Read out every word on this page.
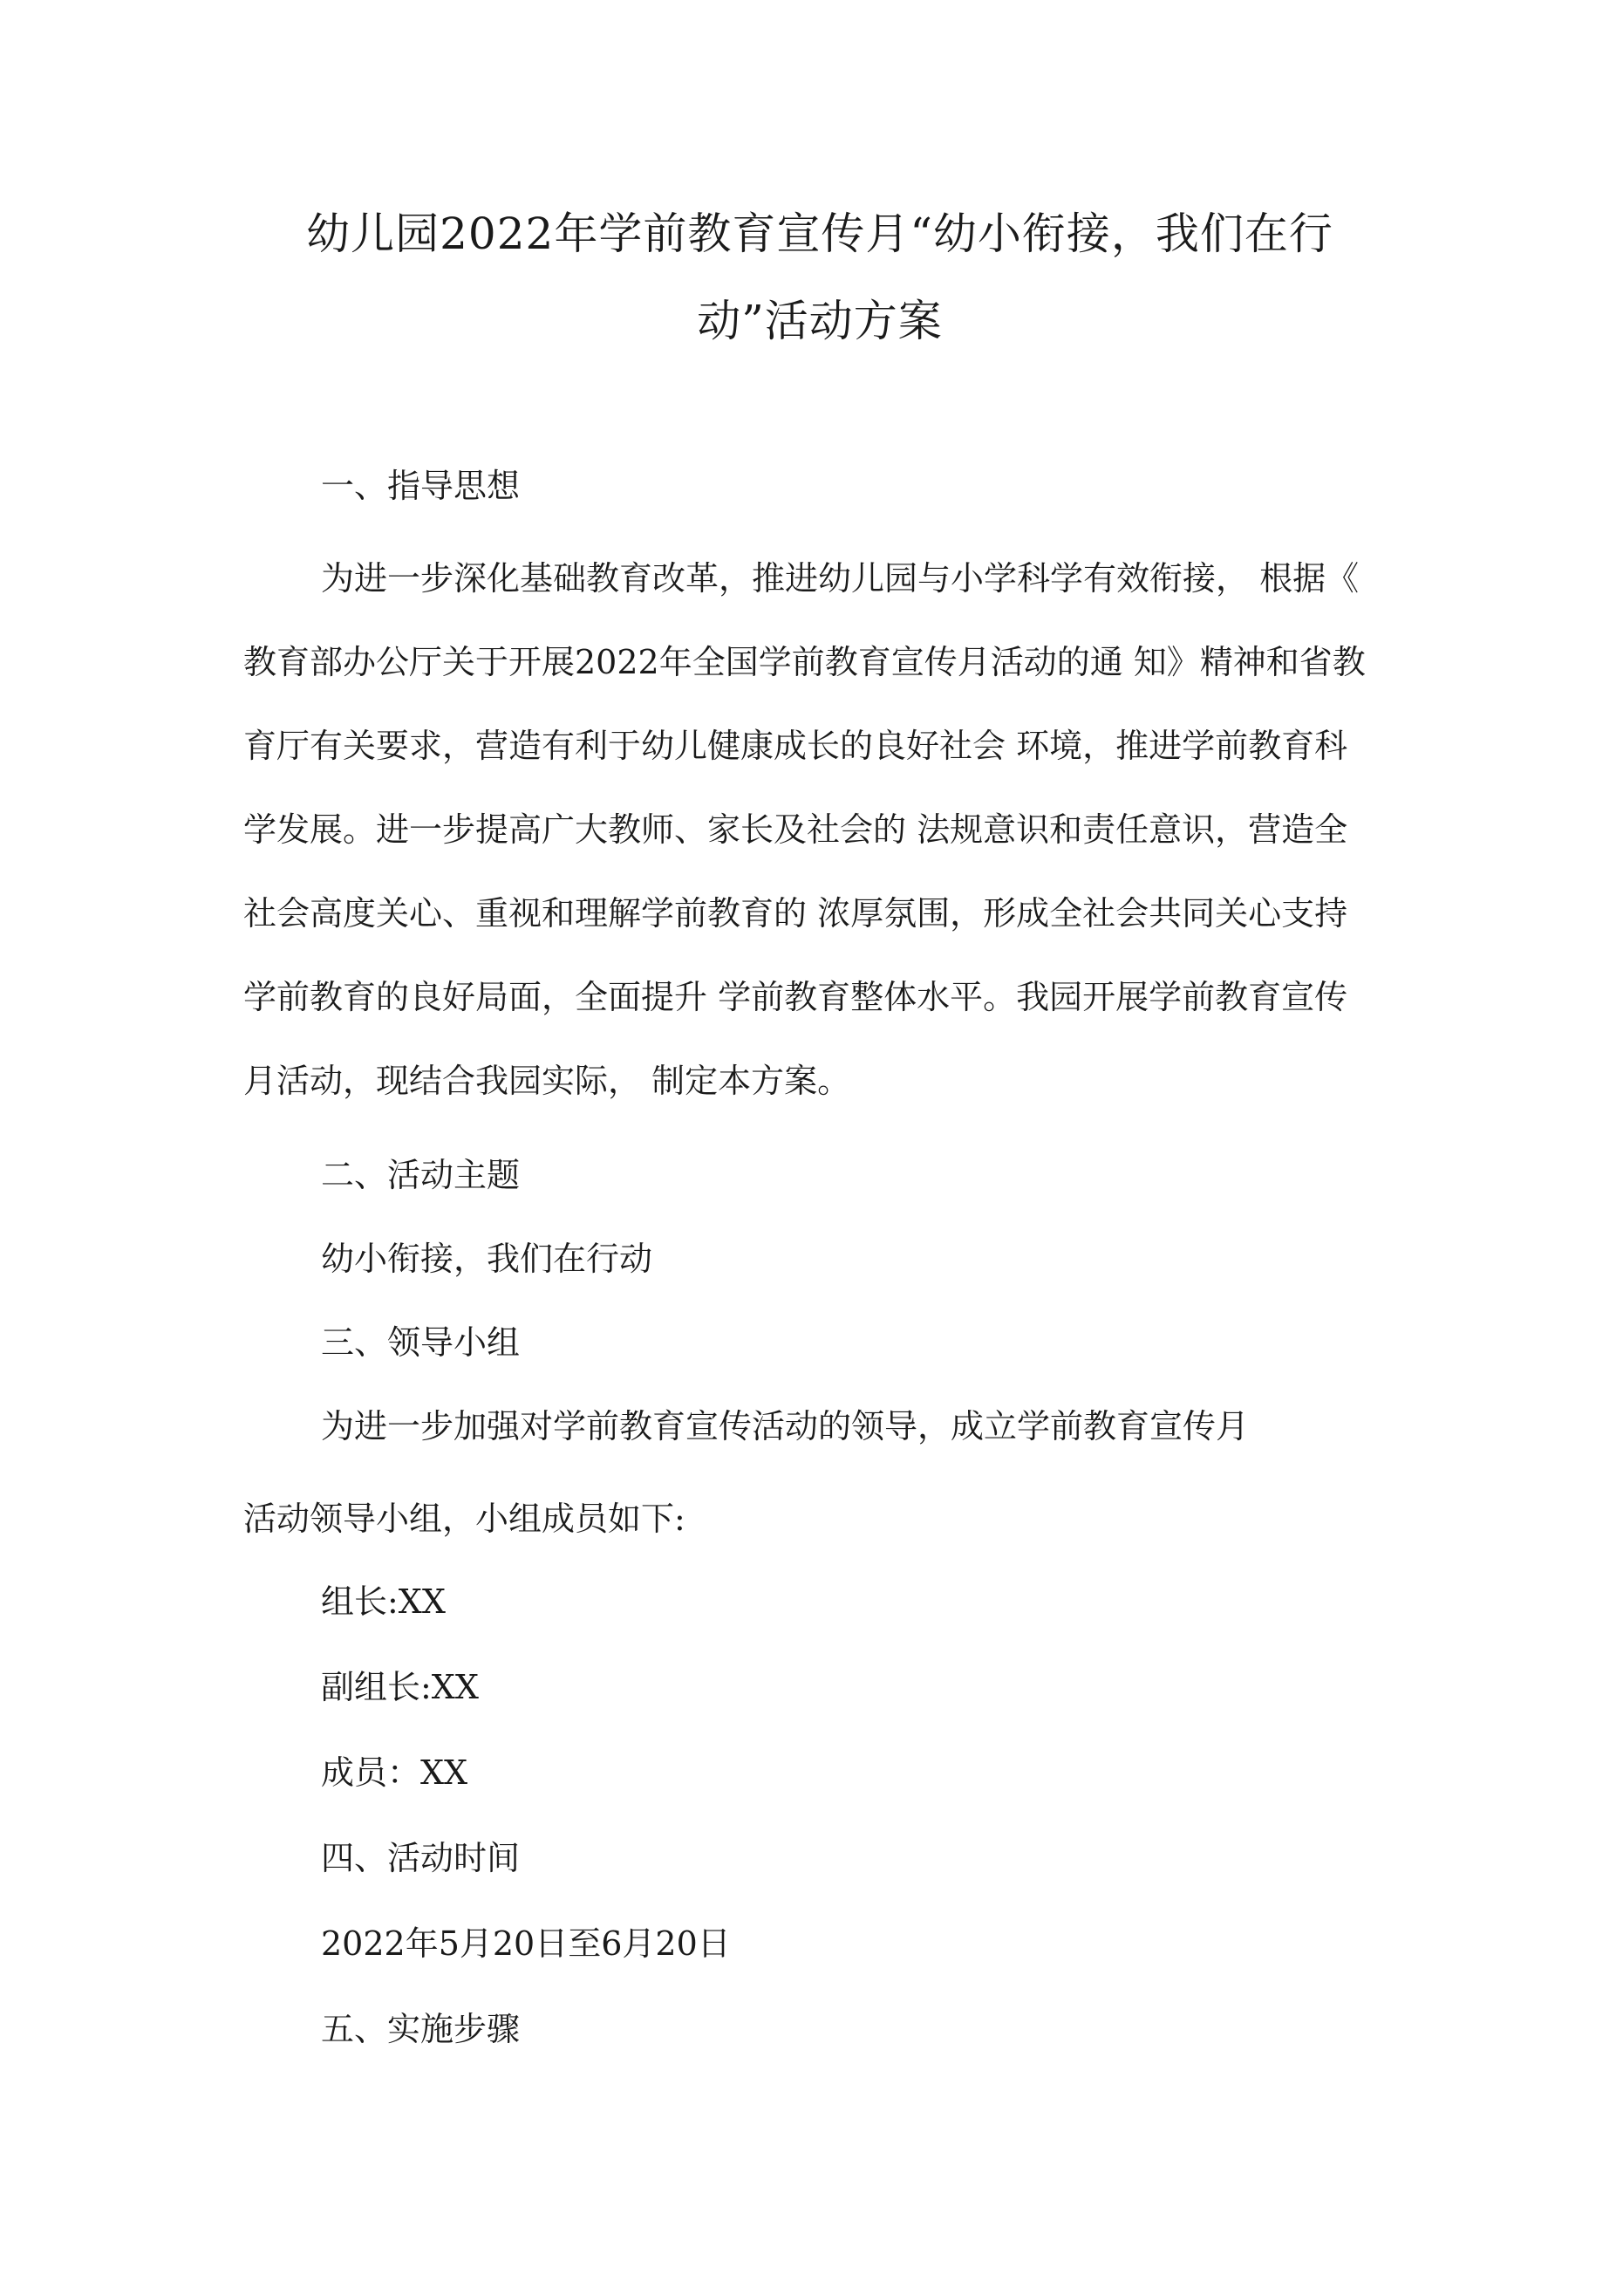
幼儿园2022年学前教育宣传月“幼小衔接，我们在行
动”活动方案

一、指导思想

为进一步深化基础教育改革，推进幼儿园与小学科学有效衔接， 根据《
教育部办公厅关于开展2022年全国学前教育宣传月活动的通 知》精神和省教
育厅有关要求，营造有利于幼儿健康成长的良好社会 环境，推进学前教育科
学发展。进一步提高广大教师、家长及社会的 法规意识和责任意识，营造全
社会高度关心、重视和理解学前教育的 浓厚氛围，形成全社会共同关心支持
学前教育的良好局面，全面提升 学前教育整体水平。我园开展学前教育宣传
月活动，现结合我园实际， 制定本方案。

二、活动主题

幼小衔接，我们在行动

三、领导小组

为进一步加强对学前教育宣传活动的领导，成立学前教育宣传月

活动领导小组，小组成员如下:

组长:XX

副组长:XX

成员：XX

四、活动时间

2022年5月20日至6月20日

五、实施步骤
